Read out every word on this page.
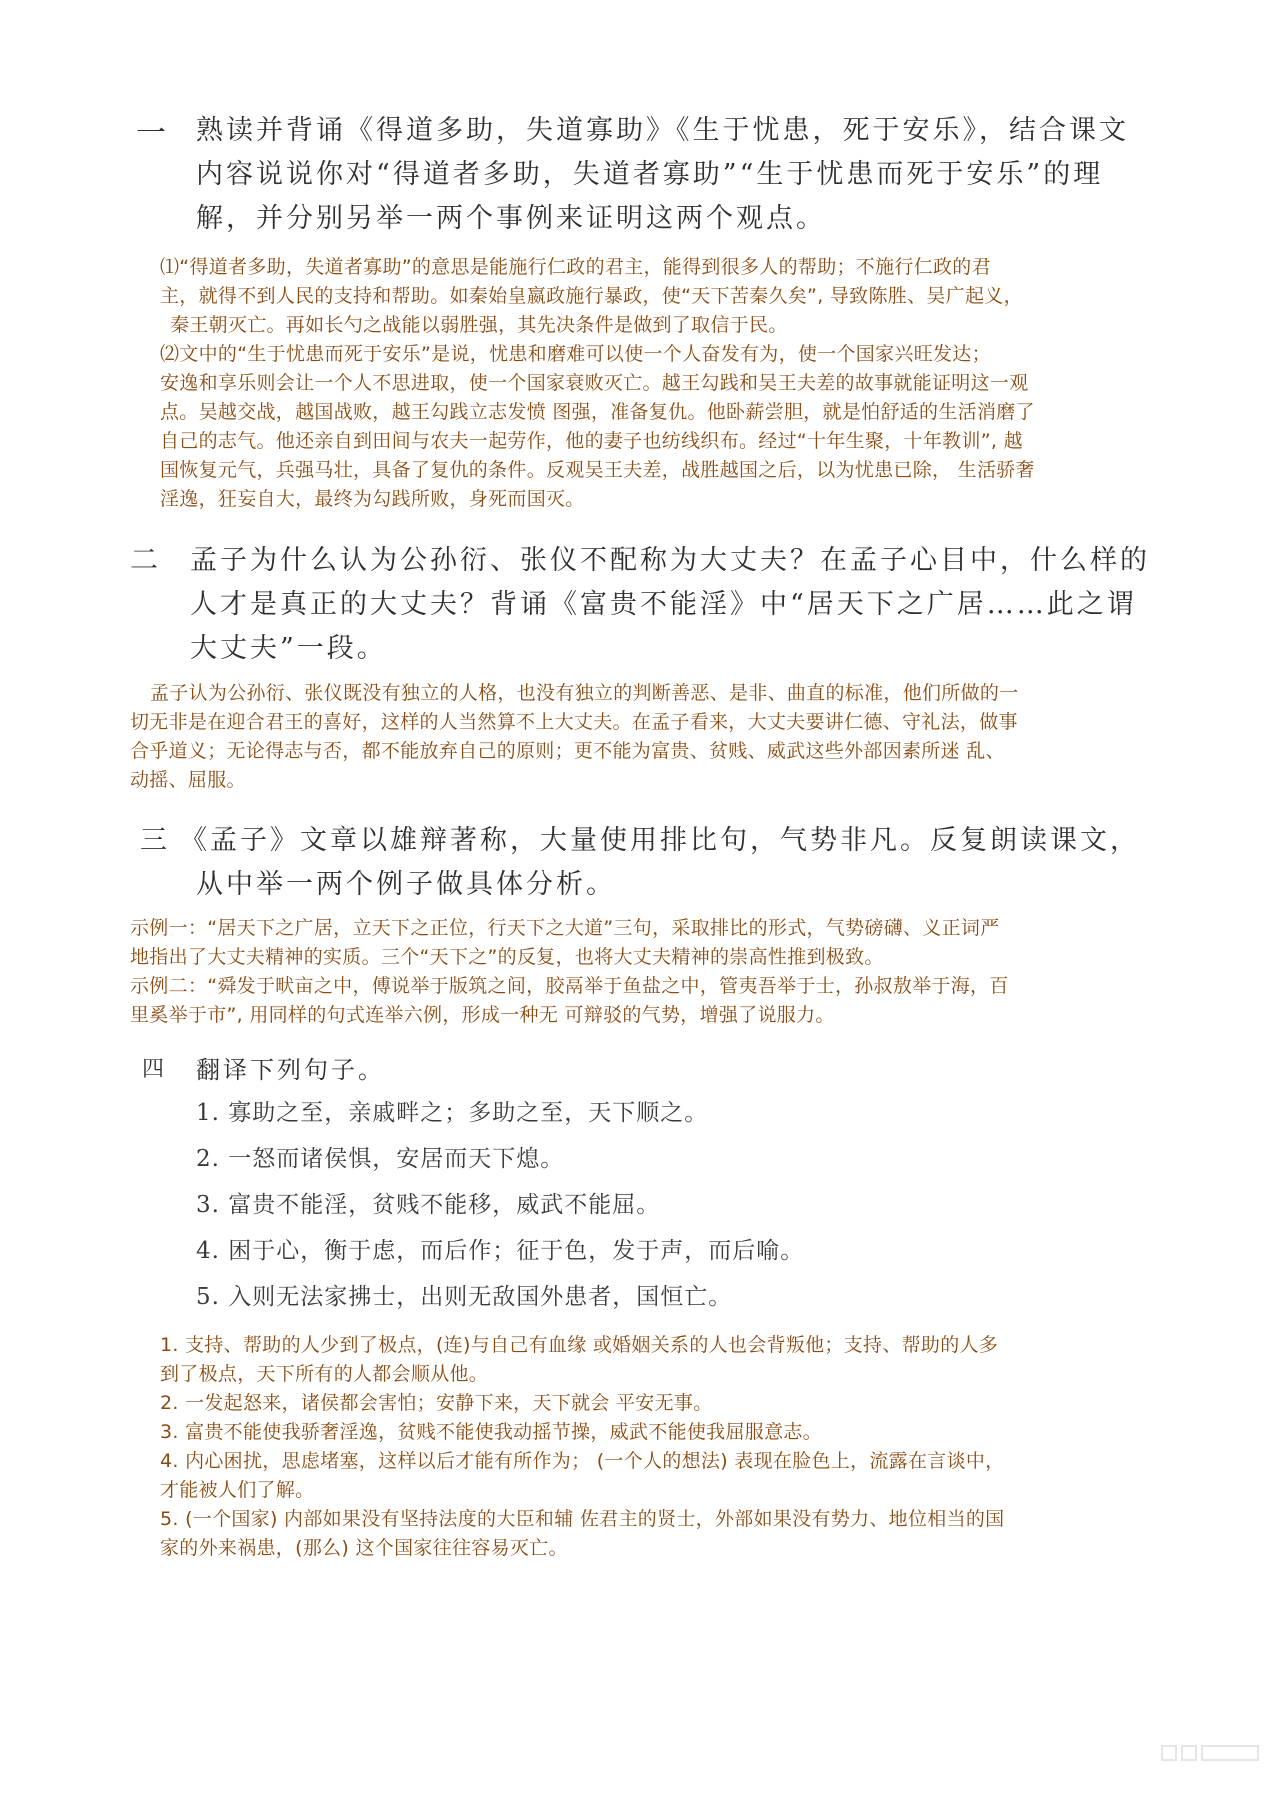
一 熟读并背诵《得道多助，失道寡助》《生于忧患，死于安乐》，结合课文
内容说说你对“得道者多助，失道者寡助”“生于忧患而死于安乐”的理
解，并分别另举一两个事例来证明这两个观点。
⑴“得道者多助，失道者寡助”的意思是能施行仁政的君主，能得到很多人的帮助；不施行仁政的君
主，就得不到人民的支持和帮助。如秦始皇嬴政施行暴政，使“天下苦秦久矣”, 导致陈胜、吴广起义，
秦王朝灭亡。再如长勺之战能以弱胜强，其先决条件是做到了取信于民。
⑵文中的“生于忧患而死于安乐”是说，忧患和磨难可以使一个人奋发有为，使一个国家兴旺发达；
安逸和享乐则会让一个人不思进取，使一个国家衰败灭亡。越王勾践和吴王夫差的故事就能证明这一观
点。吴越交战，越国战败，越王勾践立志发愤 图强，准备复仇。他卧薪尝胆，就是怕舒适的生活消磨了
自己的志气。他还亲自到田间与农夫一起劳作，他的妻子也纺线织布。经过“十年生聚，十年教训”, 越
国恢复元气，兵强马壮，具备了复仇的条件。反观吴王夫差，战胜越国之后，以为忧患已除， 生活骄奢
淫逸，狂妄自大，最终为勾践所败，身死而国灭。
二 孟子为什么认为公孙衍、张仪不配称为大丈夫？在孟子心目中，什么样的
人才是真正的大丈夫？背诵《富贵不能淫》中“居天下之广居……此之谓
大丈夫”一段。
孟子认为公孙衍、张仪既没有独立的人格，也没有独立的判断善恶、是非、曲直的标准，他们所做的一
切无非是在迎合君王的喜好，这样的人当然算不上大丈夫。在孟子看来，大丈夫要讲仁德、守礼法，做事
合乎道义；无论得志与否，都不能放弃自己的原则；更不能为富贵、贫贱、威武这些外部因素所迷 乱、
动摇、屈服。
三 《孟子》文章以雄辩著称，大量使用排比句，气势非凡。反复朗读课文，
从中举一两个例子做具体分析。
示例一：“居天下之广居，立天下之正位，行天下之大道”三句，采取排比的形式，气势磅礴、义正词严
地指出了大丈夫精神的实质。三个“天下之”的反复，也将大丈夫精神的崇高性推到极致。
示例二：“舜发于畎亩之中，傅说举于版筑之间，胶鬲举于鱼盐之中，管夷吾举于士，孙叔敖举于海，百
里奚举于市”, 用同样的句式连举六例，形成一种无 可辩驳的气势，增强了说服力。
四 翻译下列句子。
1. 寡助之至，亲戚畔之；多助之至，天下顺之。
2. 一怒而诸侯惧，安居而天下熄。
3. 富贵不能淫，贫贱不能移，威武不能屈。
4. 困于心，衡于虑，而后作；征于色，发于声，而后喻。
5. 入则无法家拂士，出则无敌国外患者，国恒亡。
1. 支持、帮助的人少到了极点，(连)与自己有血缘 或婚姻关系的人也会背叛他；支持、帮助的人多
到了极点，天下所有的人都会顺从他。
2. 一发起怒来，诸侯都会害怕；安静下来，天下就会 平安无事。
3. 富贵不能使我骄奢淫逸，贫贱不能使我动摇节操，威武不能使我屈服意志。
4. 内心困扰，思虑堵塞，这样以后才能有所作为； (一个人的想法) 表现在脸色上，流露在言谈中，
才能被人们了解。
5. (一个国家) 内部如果没有坚持法度的大臣和辅 佐君主的贤士，外部如果没有势力、地位相当的国
家的外来祸患，(那么) 这个国家往往容易灭亡。
